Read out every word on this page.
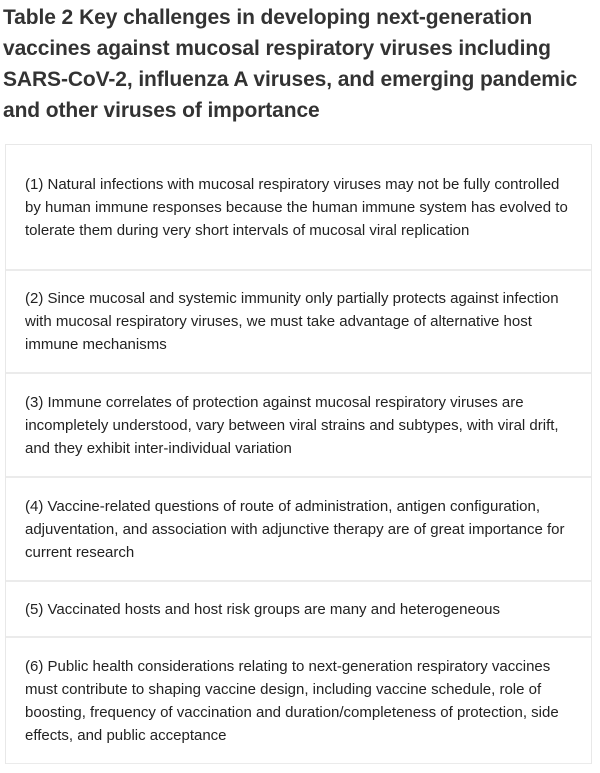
Table 2 Key challenges in developing next-generation vaccines against mucosal respiratory viruses including SARS-CoV-2, influenza A viruses, and emerging pandemic and other viruses of importance
(1) Natural infections with mucosal respiratory viruses may not be fully controlled by human immune responses because the human immune system has evolved to tolerate them during very short intervals of mucosal viral replication
(2) Since mucosal and systemic immunity only partially protects against infection with mucosal respiratory viruses, we must take advantage of alternative host immune mechanisms
(3) Immune correlates of protection against mucosal respiratory viruses are incompletely understood, vary between viral strains and subtypes, with viral drift, and they exhibit inter-individual variation
(4) Vaccine-related questions of route of administration, antigen configuration, adjuventation, and association with adjunctive therapy are of great importance for current research
(5) Vaccinated hosts and host risk groups are many and heterogeneous
(6) Public health considerations relating to next-generation respiratory vaccines must contribute to shaping vaccine design, including vaccine schedule, role of boosting, frequency of vaccination and duration/completeness of protection, side effects, and public acceptance
